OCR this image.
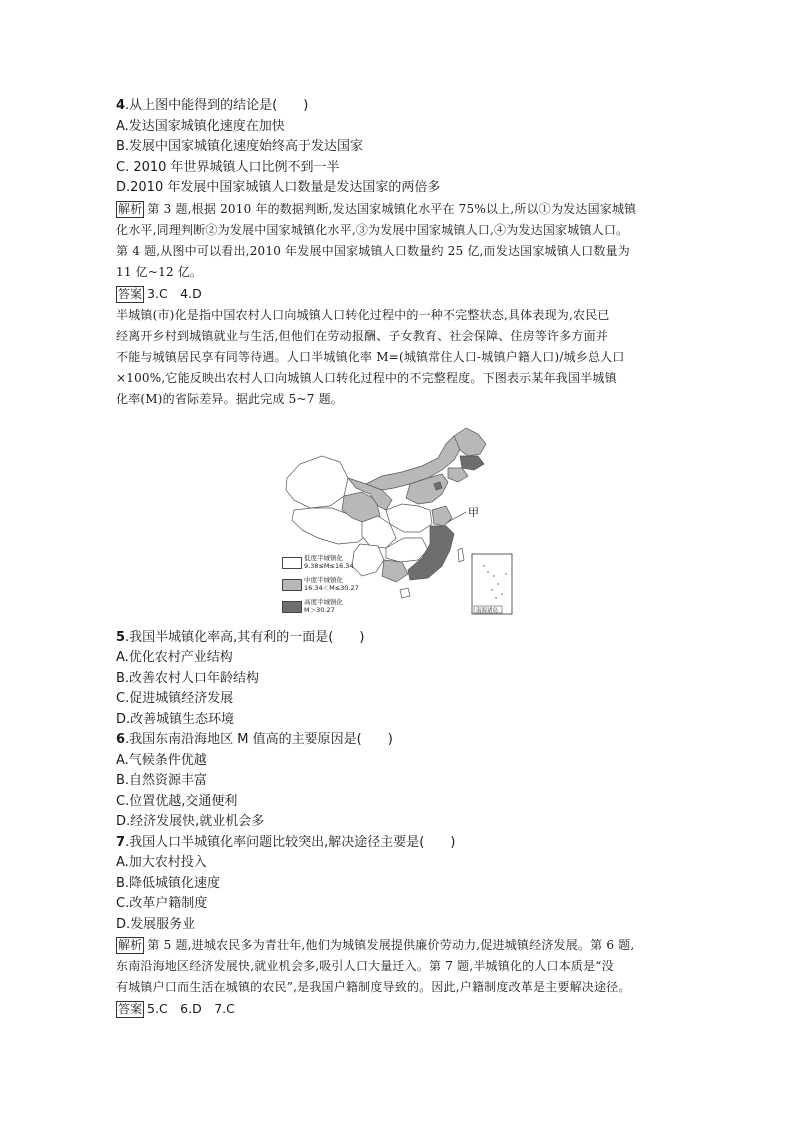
4.从上图中能得到的结论是(　　)
A.发达国家城镇化速度在加快
B.发展中国家城镇化速度始终高于发达国家
C. 2010 年世界城镇人口比例不到一半
D.2010 年发展中国家城镇人口数量是发达国家的两倍多
解析 第 3 题,根据 2010 年的数据判断,发达国家城镇化水平在 75%以上,所以①为发达国家城镇
化水平,同理判断②为发展中国家城镇化水平,③为发展中国家城镇人口,④为发达国家城镇人口。
第 4 题,从图中可以看出,2010 年发展中国家城镇人口数量约 25 亿,而发达国家城镇人口数量为
11 亿~12 亿。
答案 3.C　4.D
半城镇(市)化是指中国农村人口向城镇人口转化过程中的一种不完整状态,具体表现为,农民已
经离开乡村到城镇就业与生活,但他们在劳动报酬、子女教育、社会保障、住房等许多方面并
不能与城镇居民享有同等待遇。人口半城镇化率 M=(城镇常住人口-城镇户籍人口)/城乡总人口
×100%,它能反映出农村人口向城镇人口转化过程中的不完整程度。下图表示某年我国半城镇
化率(M)的省际差异。据此完成 5~7 题。
甲
南海诸岛
低度半城镇化
9.38≤M≤16.34
中度半城镇化
16.34＜M≤30.27
高度半城镇化
M＞30.27
5.我国半城镇化率高,其有利的一面是(　　)
A.优化农村产业结构
B.改善农村人口年龄结构
C.促进城镇经济发展
D.改善城镇生态环境
6.我国东南沿海地区 M 值高的主要原因是(　　)
A.气候条件优越
B.自然资源丰富
C.位置优越,交通便利
D.经济发展快,就业机会多
7.我国人口半城镇化率问题比较突出,解决途径主要是(　　)
A.加大农村投入
B.降低城镇化速度
C.改革户籍制度
D.发展服务业
解析 第 5 题,进城农民多为青壮年,他们为城镇发展提供廉价劳动力,促进城镇经济发展。第 6 题,
东南沿海地区经济发展快,就业机会多,吸引人口大量迁入。第 7 题,半城镇化的人口本质是“没
有城镇户口而生活在城镇的农民”,是我国户籍制度导致的。因此,户籍制度改革是主要解决途径。
答案 5.C　6.D　7.C
